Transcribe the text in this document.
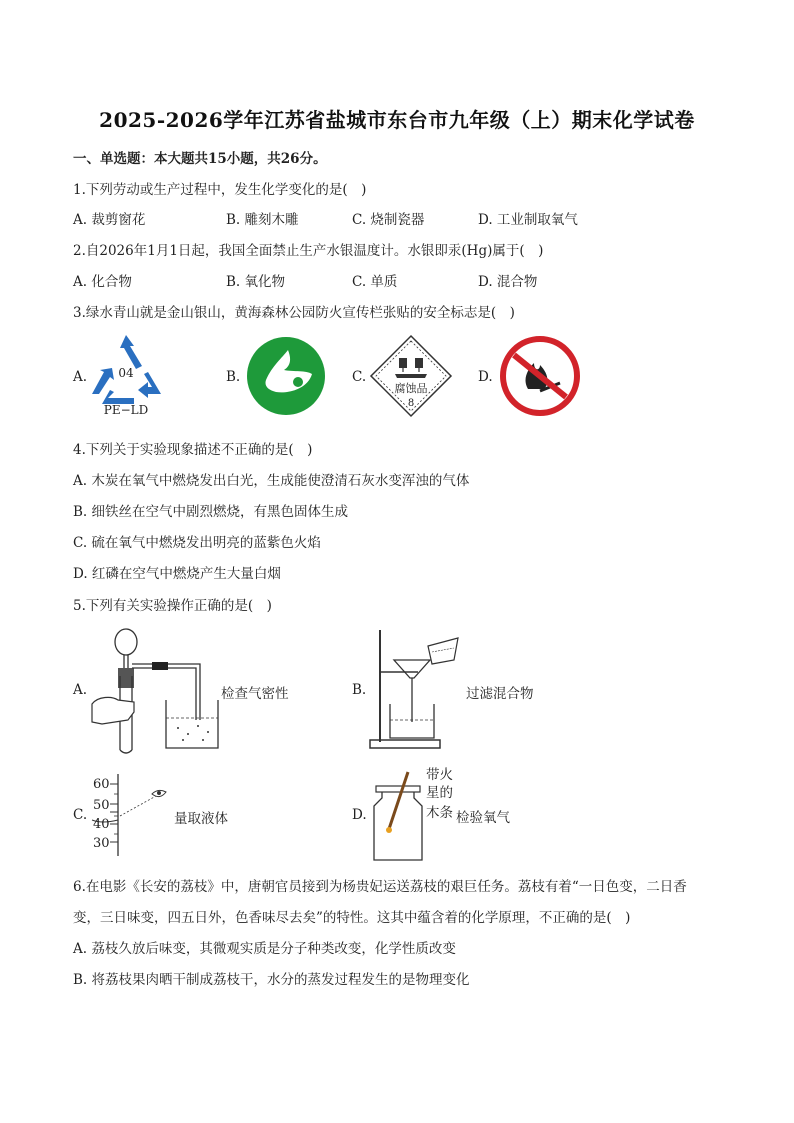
2025-2026学年江苏省盐城市东台市九年级（上）期末化学试卷
一、单选题：本大题共15小题，共26分。
1.下列劳动或生产过程中，发生化学变化的是(　)
A. 裁剪窗花	B. 雕刻木雕	C. 烧制瓷器	D. 工业制取氧气
2.自2026年1月1日起，我国全面禁止生产水银温度计。水银即汞(Hg)属于(　)
A. 化合物	B. 氧化物	C. 单质	D. 混合物
3.绿水青山就是金山银山，黄海森林公园防火宣传栏张贴的安全标志是(　)
A.	B.	C.	D.
04
PE−LD
腐蚀品
8
4.下列关于实验现象描述不正确的是(　)
A. 木炭在氧气中燃烧发出白光，生成能使澄清石灰水变浑浊的气体
B. 细铁丝在空气中剧烈燃烧，有黑色固体生成
C. 硫在氧气中燃烧发出明亮的蓝紫色火焰
D. 红磷在空气中燃烧产生大量白烟
5.下列有关实验操作正确的是(　)
A.	检查气密性	B.	过滤混合物
C.
60
50
40
30
量取液体	D.
带火
星的
木条 检验氧气
6.在电影《长安的荔枝》中，唐朝官员接到为杨贵妃运送荔枝的艰巨任务。荔枝有着“一日色变，二日香
变，三日味变，四五日外，色香味尽去矣”的特性。这其中蕴含着的化学原理，不正确的是(　)
A. 荔枝久放后味变，其微观实质是分子种类改变，化学性质改变
B. 将荔枝果肉晒干制成荔枝干，水分的蒸发过程发生的是物理变化
